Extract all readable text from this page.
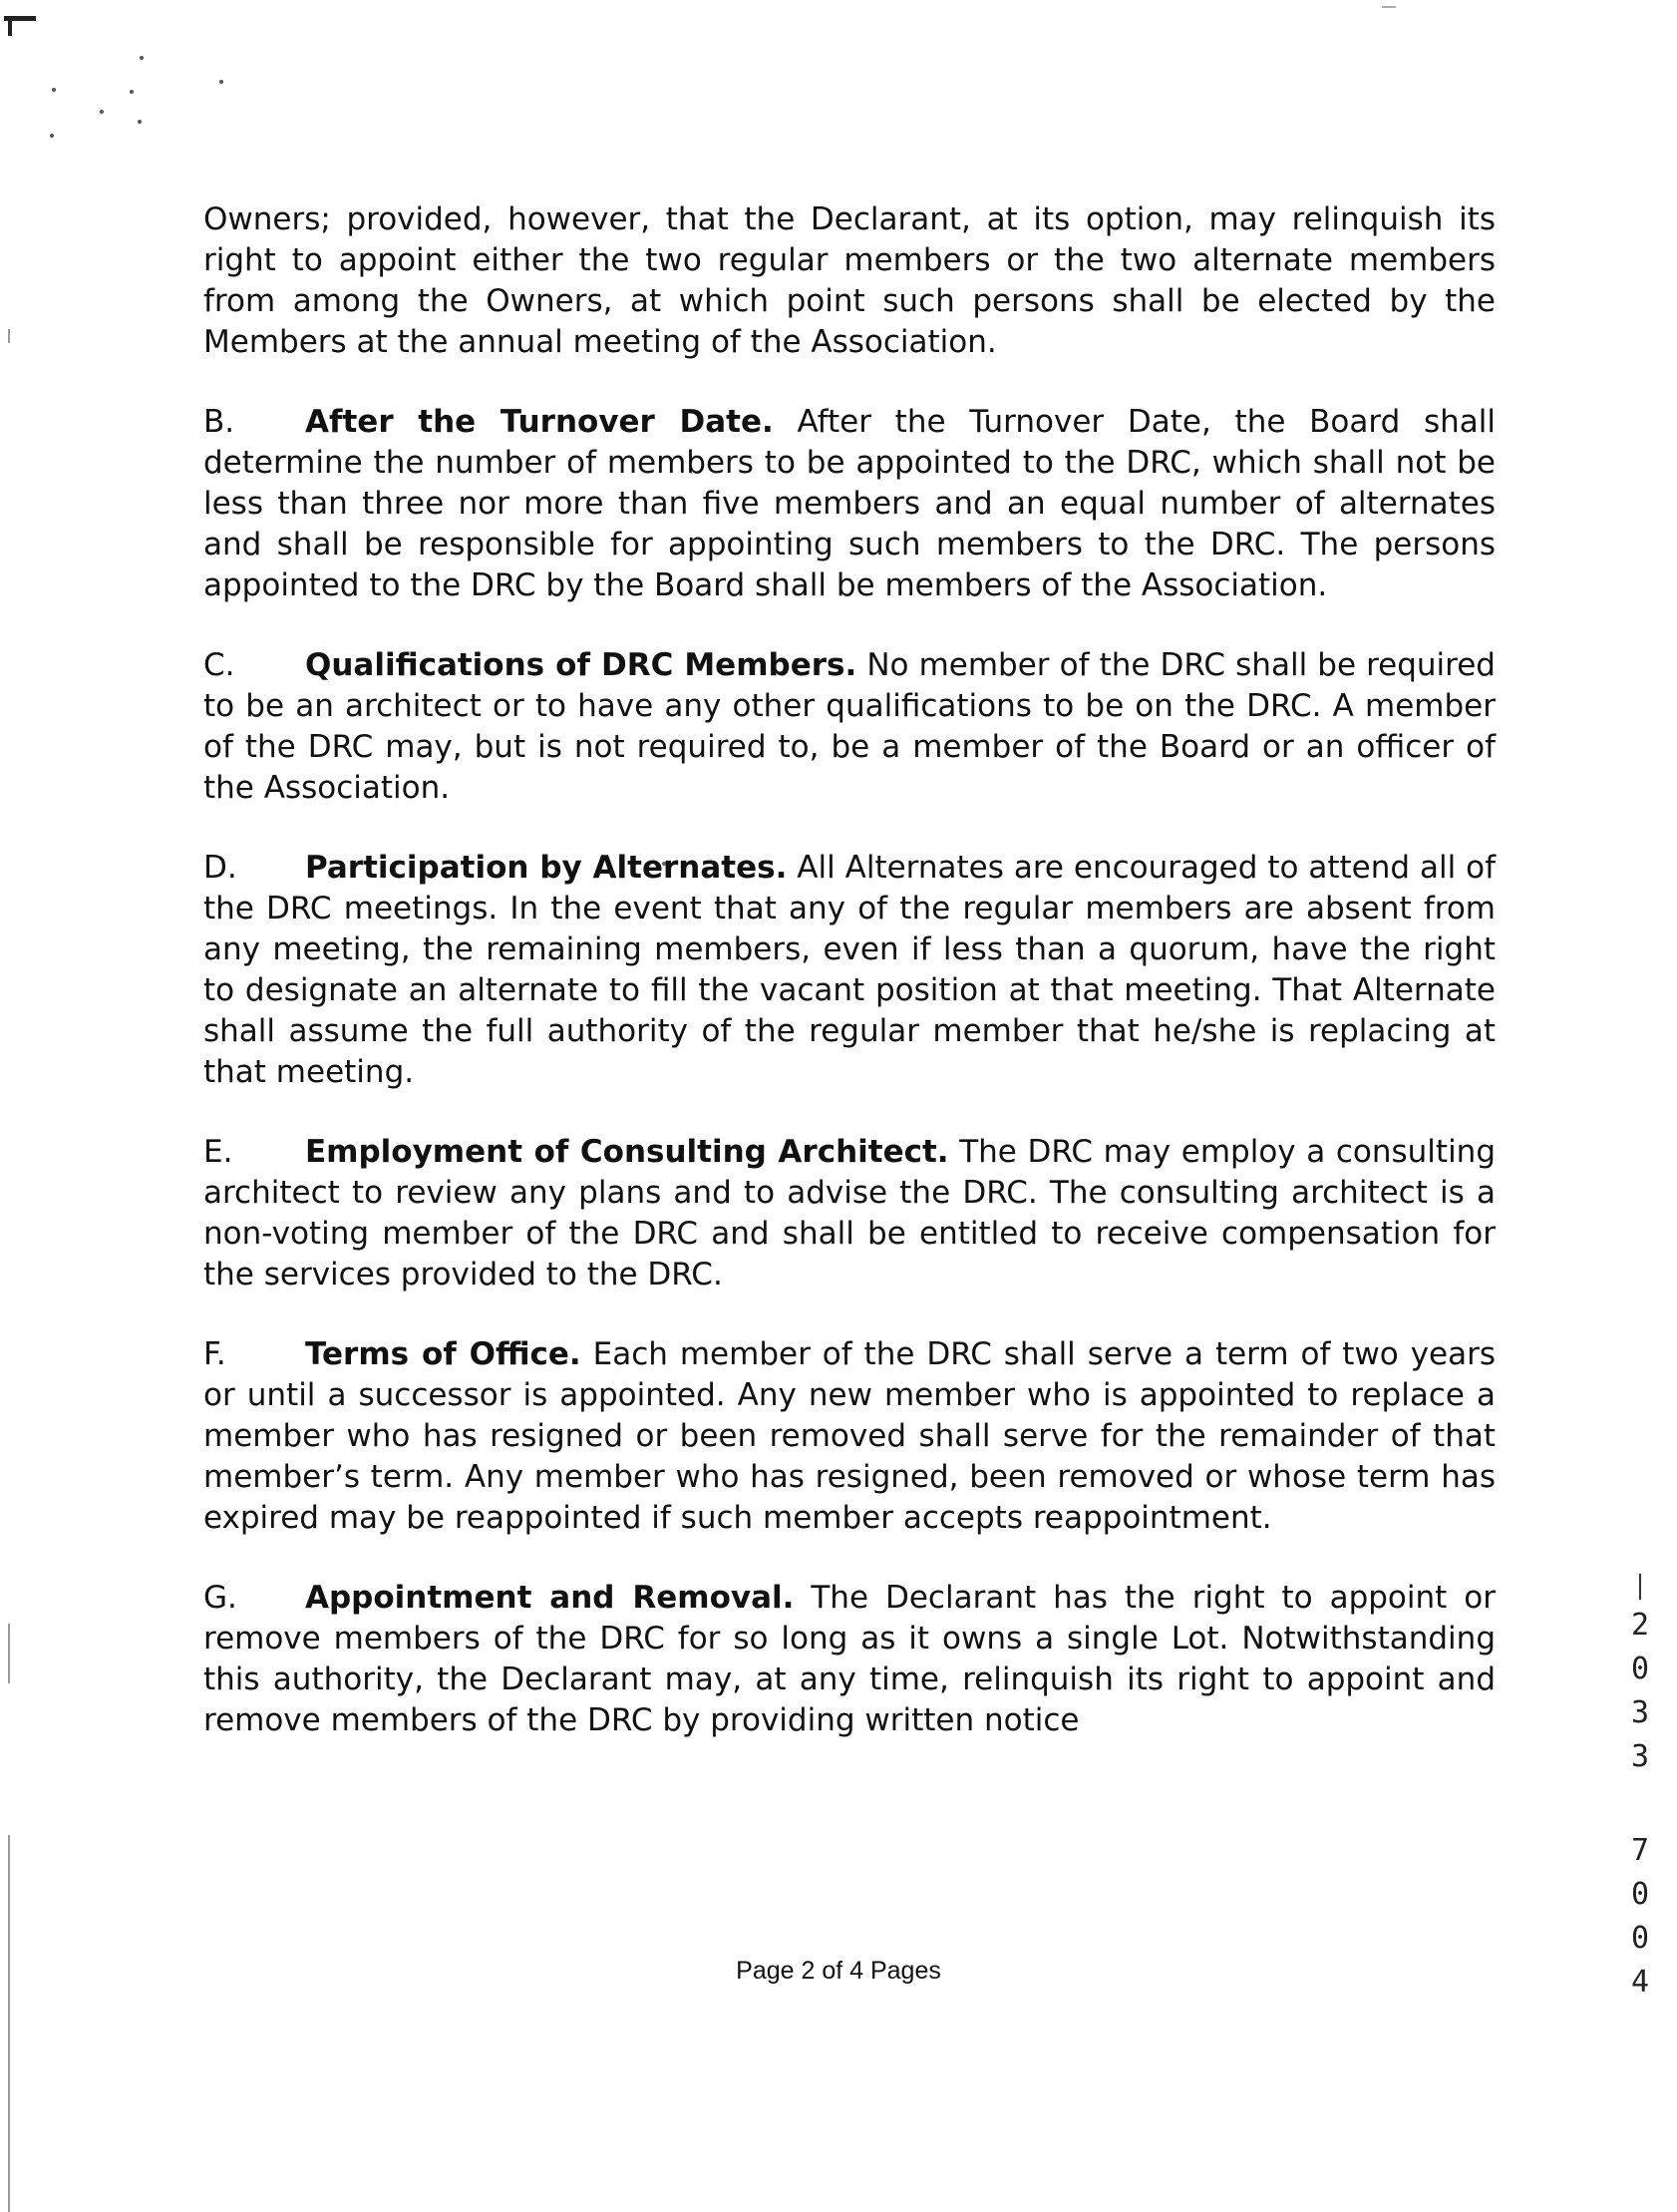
Owners; provided, however, that the Declarant, at its option, may relinquish its right to appoint either the two regular members or the two alternate members from among the Owners, at which point such persons shall be elected by the Members at the annual meeting of the Association.

B. After the Turnover Date. After the Turnover Date, the Board shall determine the number of members to be appointed to the DRC, which shall not be less than three nor more than five members and an equal number of alternates and shall be responsible for appointing such members to the DRC. The persons appointed to the DRC by the Board shall be members of the Association.

C. Qualifications of DRC Members. No member of the DRC shall be required to be an architect or to have any other qualifications to be on the DRC. A member of the DRC may, but is not required to, be a member of the Board or an officer of the Association.

D. Participation by Alternates. All Alternates are encouraged to attend all of the DRC meetings. In the event that any of the regular members are absent from any meeting, the remaining members, even if less than a quorum, have the right to designate an alternate to fill the vacant position at that meeting. That Alternate shall assume the full authority of the regular member that he/she is replacing at that meeting.

E. Employment of Consulting Architect. The DRC may employ a consulting architect to review any plans and to advise the DRC. The consulting architect is a non-voting member of the DRC and shall be entitled to receive compensation for the services provided to the DRC.

F.	Terms of Office. Each member of the DRC shall serve a term of two years or until a successor is appointed. Any new member who is appointed to replace a member who has resigned or been removed shall serve for the remainder of that member’s term. Any member who has resigned, been removed or whose term has expired may be reappointed if such member accepts reappointment.

G. Appointment and Removal. The Declarant has the right to appoint or remove members of the DRC for so long as it owns a single Lot. Notwithstanding this authority, the Declarant may, at any time, relinquish its right to appoint and remove members of the DRC by providing written notice

Page 2 of 4 Pages
2
0
3
3
7
0
0
4
